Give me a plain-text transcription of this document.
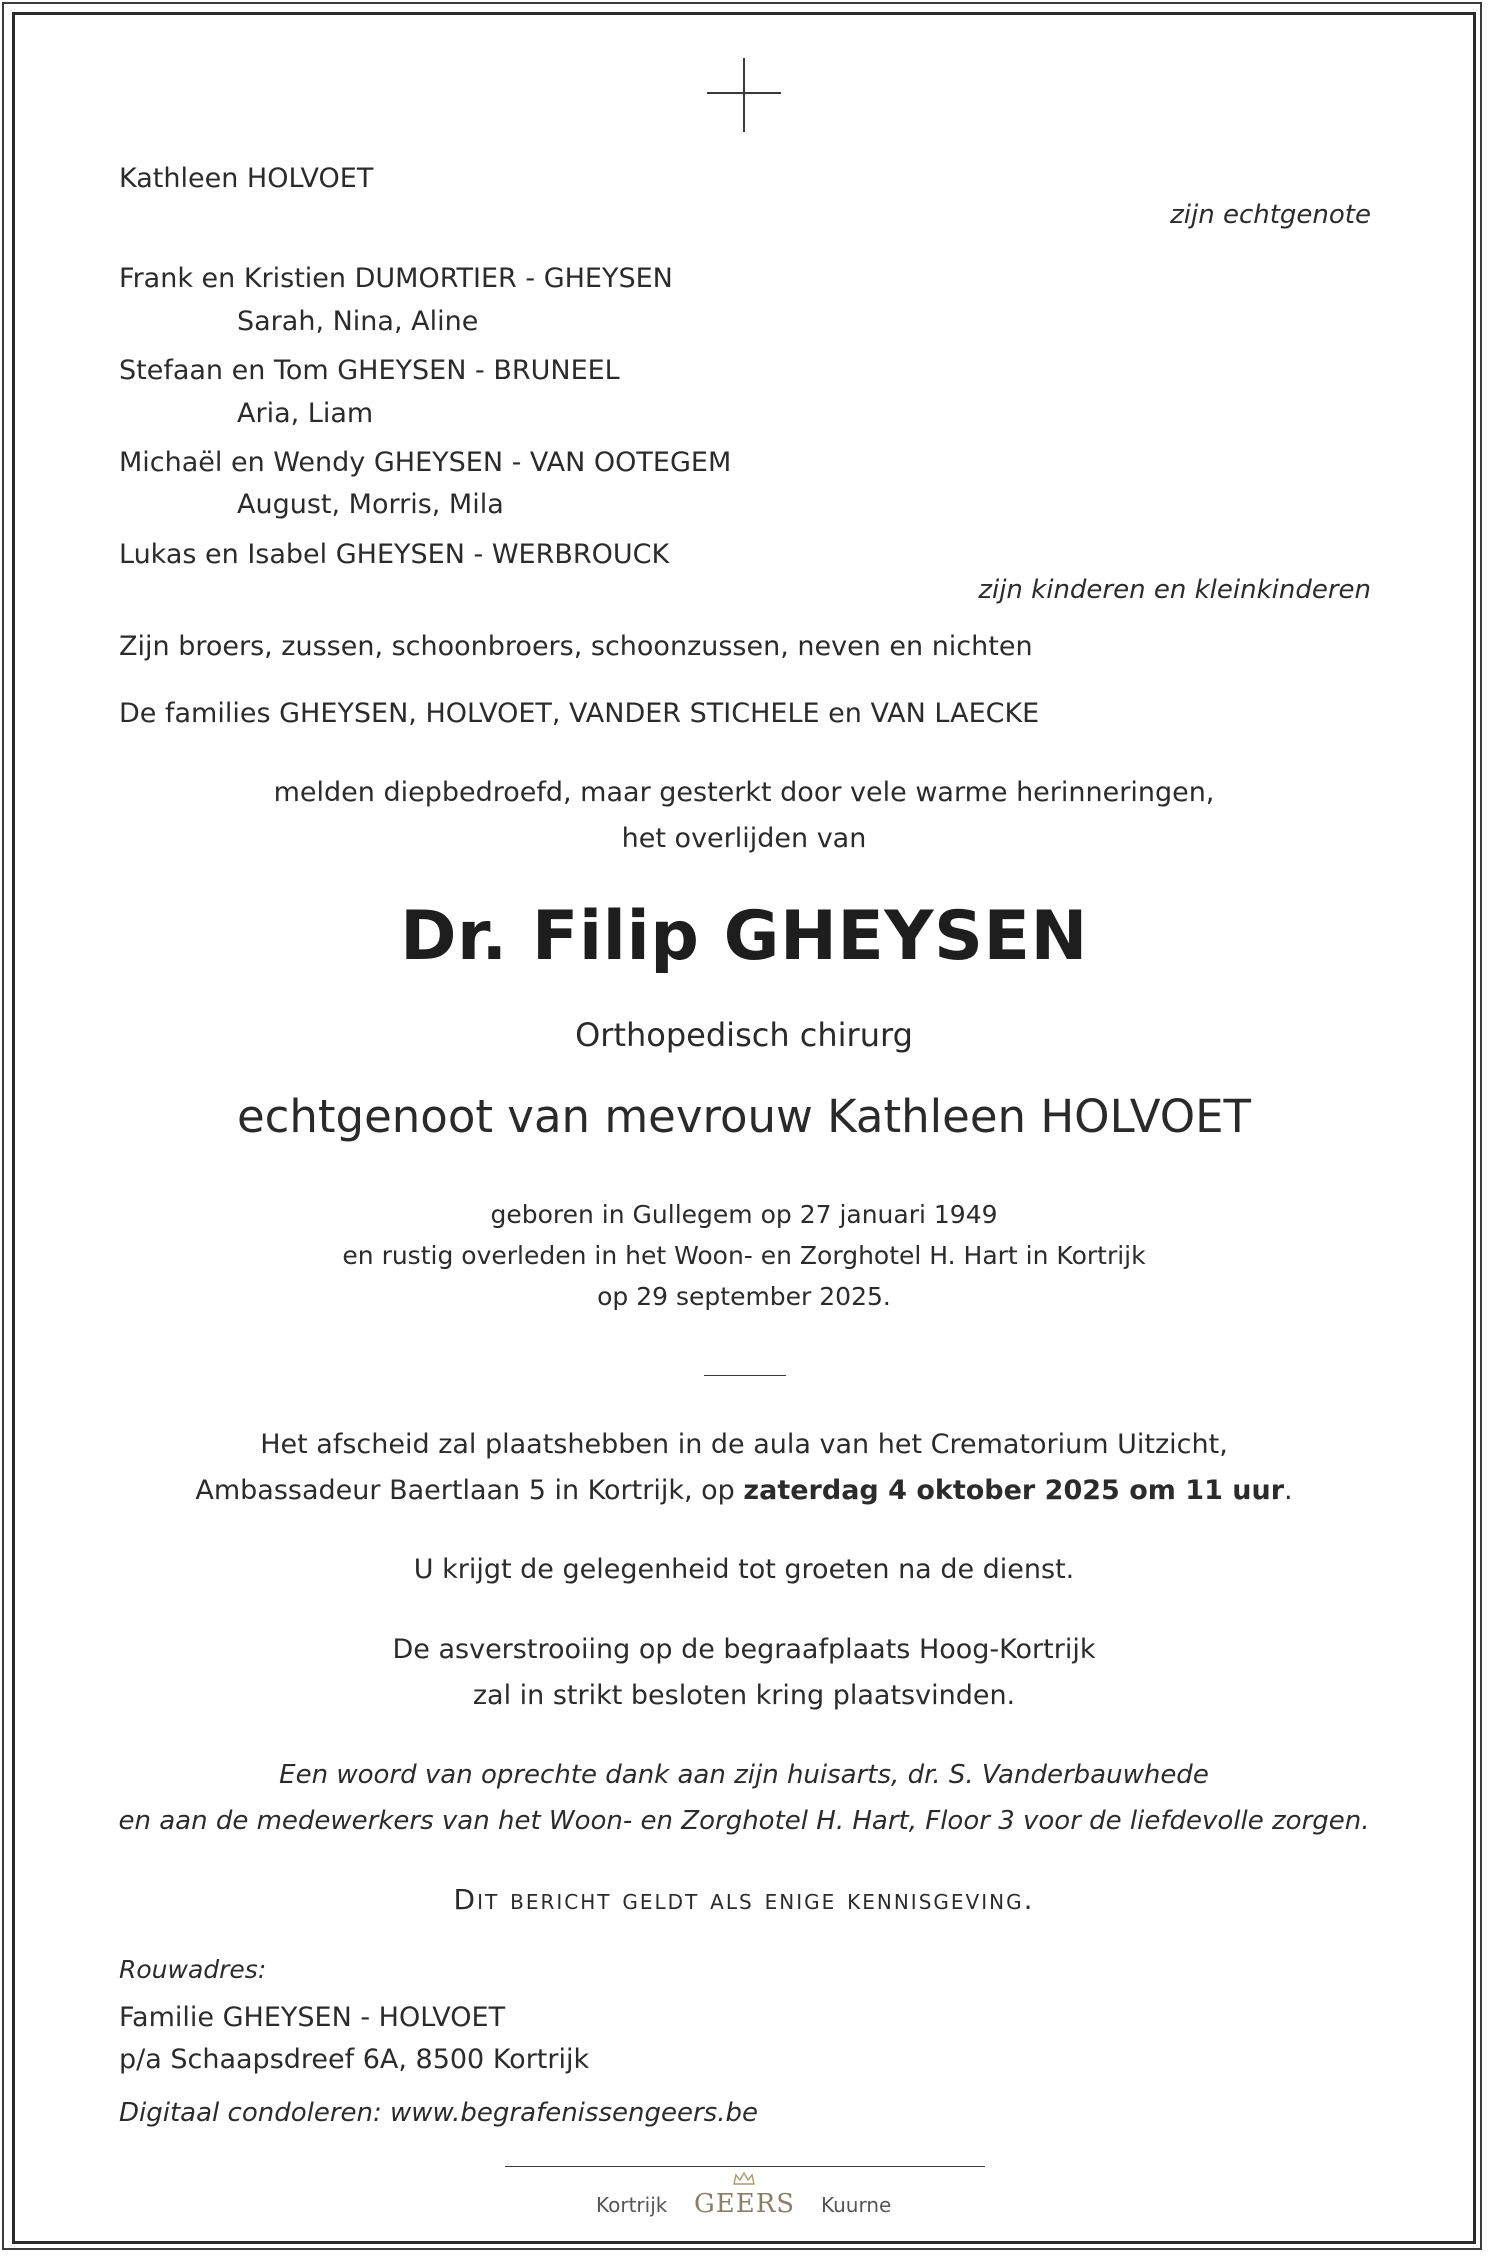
Kathleen HOLVOET
zijn echtgenote
Frank en Kristien DUMORTIER - GHEYSEN
Sarah, Nina, Aline
Stefaan en Tom GHEYSEN - BRUNEEL
Aria, Liam
Michaël en Wendy GHEYSEN - VAN OOTEGEM
August, Morris, Mila
Lukas en Isabel GHEYSEN - WERBROUCK
zijn kinderen en kleinkinderen
Zijn broers, zussen, schoonbroers, schoonzussen, neven en nichten
De families GHEYSEN, HOLVOET, VANDER STICHELE en VAN LAECKE
melden diepbedroefd, maar gesterkt door vele warme herinneringen,
het overlijden van
Dr. Filip GHEYSEN
Orthopedisch chirurg
echtgenoot van mevrouw Kathleen HOLVOET
geboren in Gullegem op 27 januari 1949
en rustig overleden in het Woon- en Zorghotel H. Hart in Kortrijk
op 29 september 2025.
Het afscheid zal plaatshebben in de aula van het Crematorium Uitzicht,
Ambassadeur Baertlaan 5 in Kortrijk, op zaterdag 4 oktober 2025 om 11 uur.
U krijgt de gelegenheid tot groeten na de dienst.
De asverstrooiing op de begraafplaats Hoog-Kortrijk
zal in strikt besloten kring plaatsvinden.
Een woord van oprechte dank aan zijn huisarts, dr. S. Vanderbauwhede
en aan de medewerkers van het Woon- en Zorghotel H. Hart, Floor 3 voor de liefdevolle zorgen.
Dit bericht geldt als enige kennisgeving.
Rouwadres:
Familie GHEYSEN - HOLVOET
p/a Schaapsdreef 6A, 8500 Kortrijk
Digitaal condoleren: www.begrafenissengeers.be
Kortrijk GEERS Kuurne
